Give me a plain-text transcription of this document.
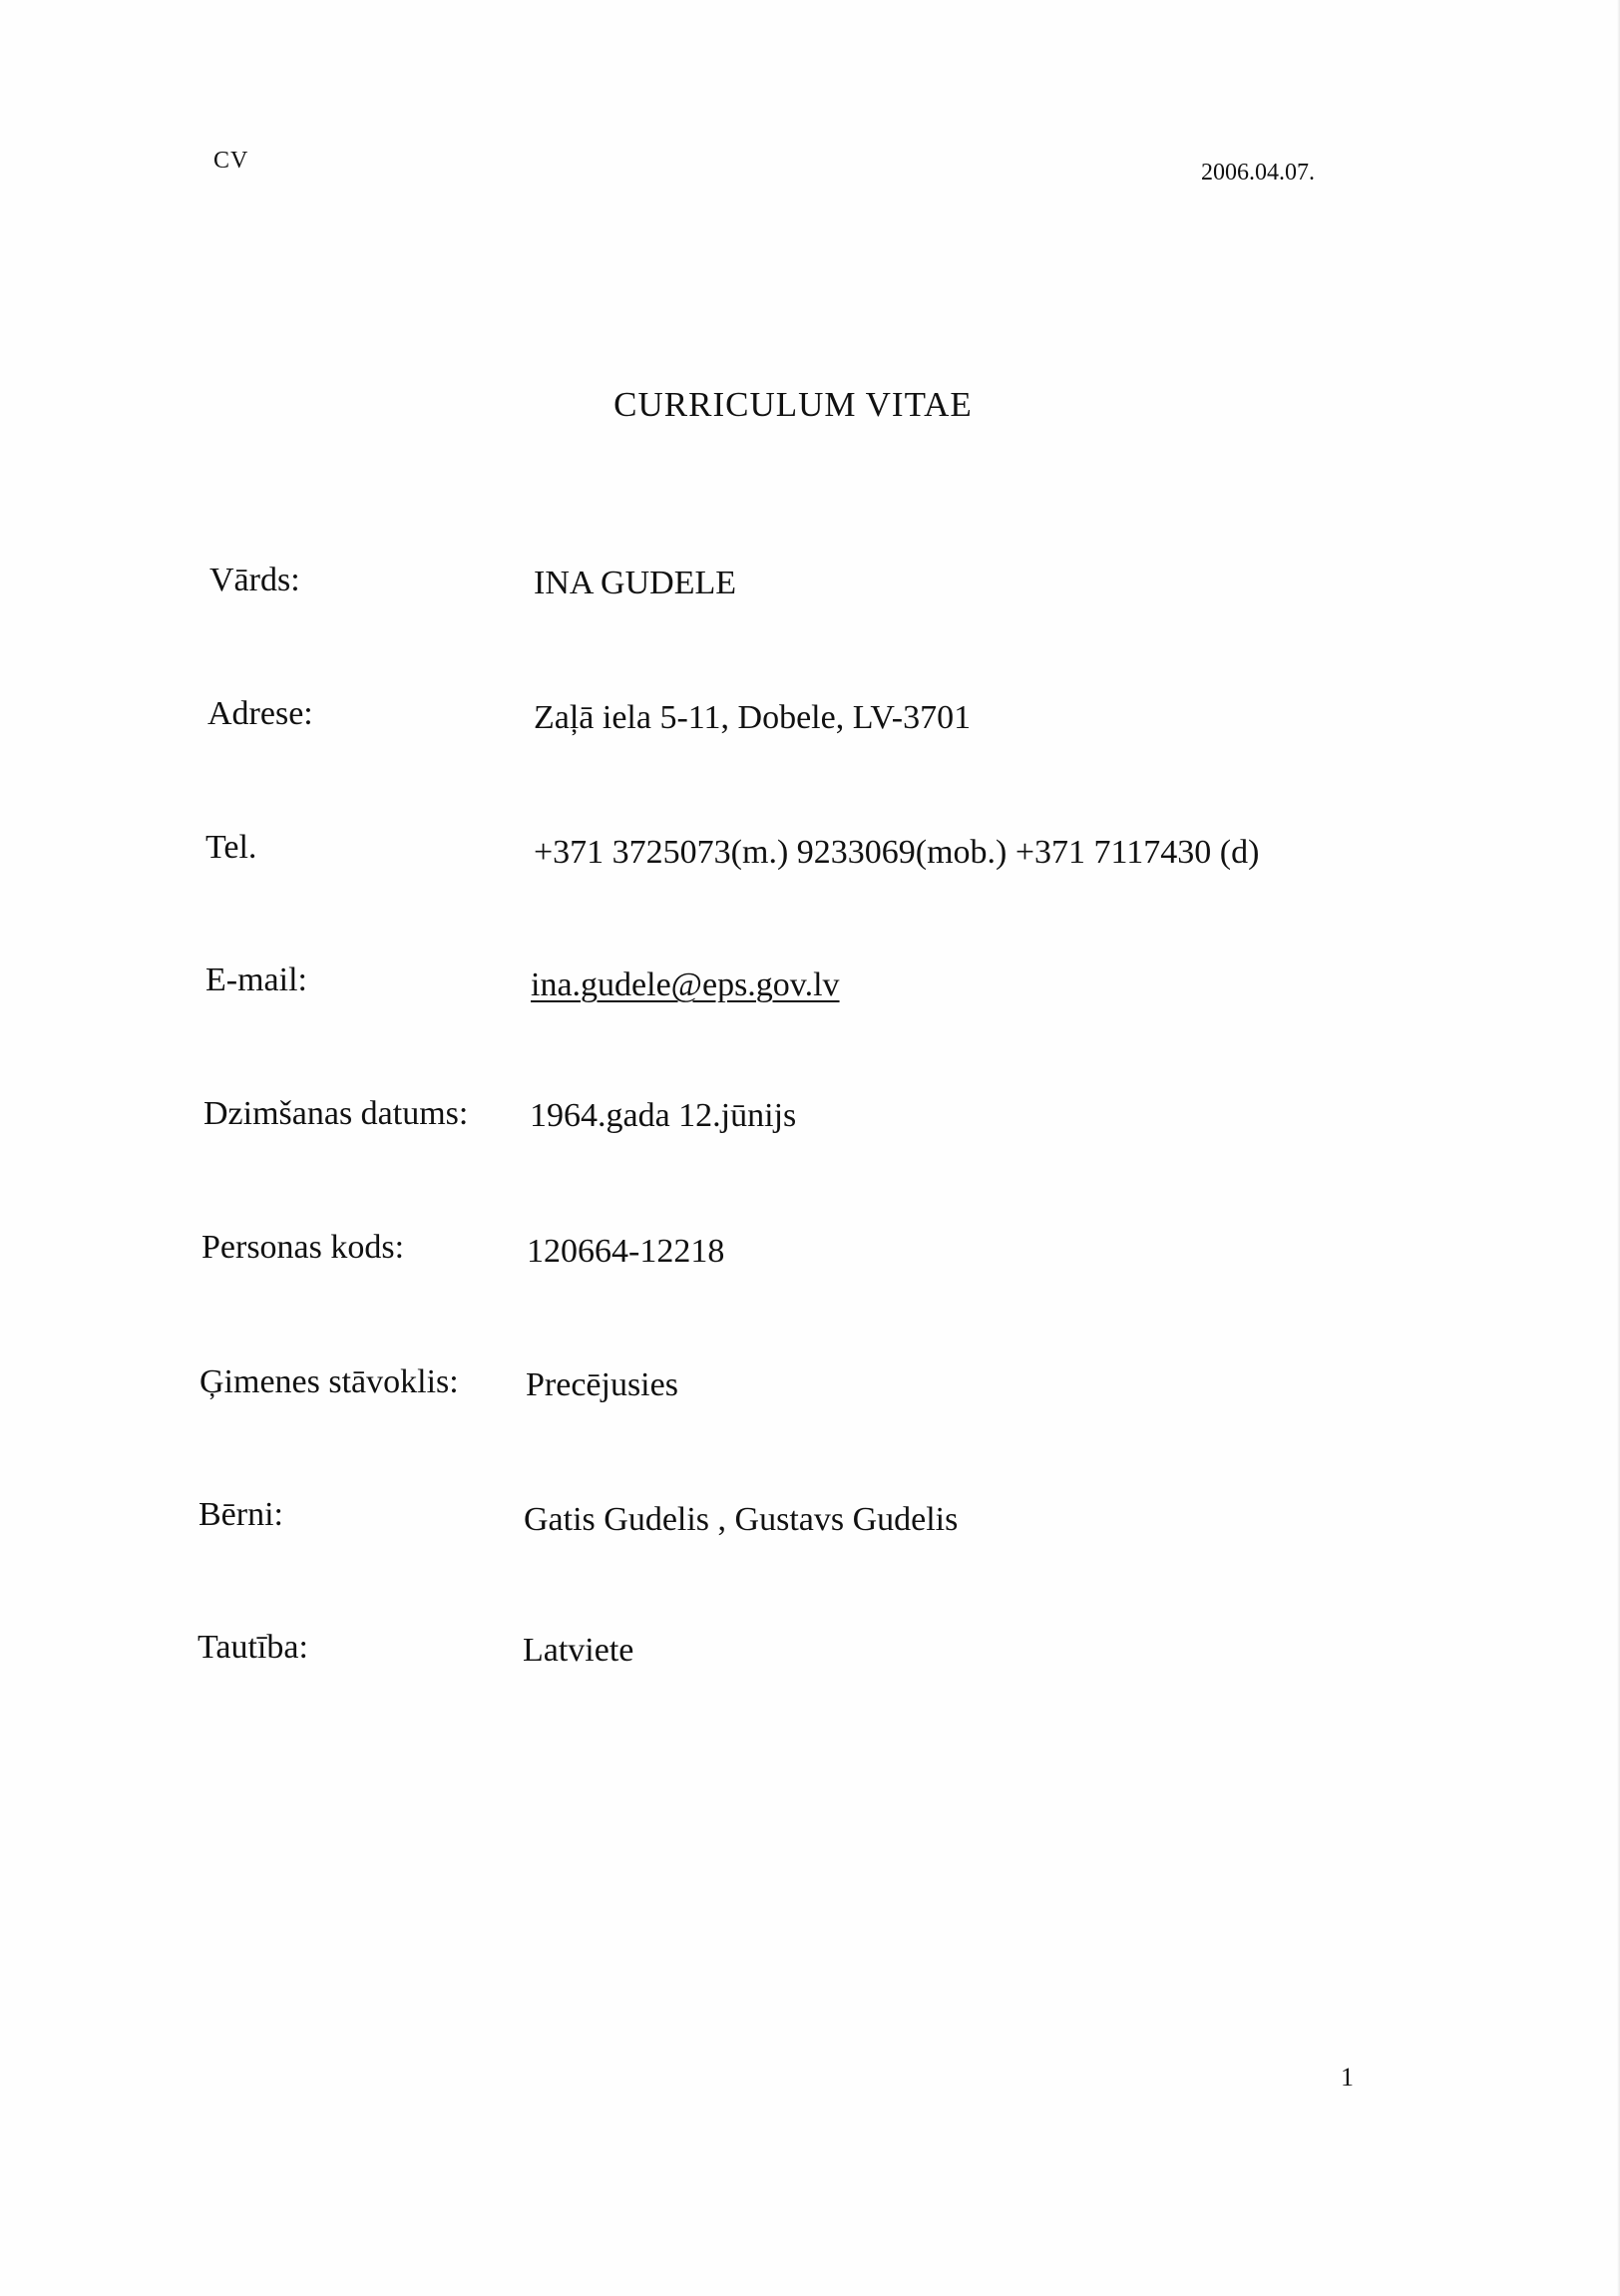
CV	2006.04.07.
CURRICULUM VITAE
Vārds:	INA GUDELE
Adrese:	Zaļā iela 5-11, Dobele, LV-3701
Tel.	+371 3725073(m.) 9233069(mob.) +371 7117430 (d)
E-mail:	ina.gudele@eps.gov.lv
Dzimšanas datums: 1964.gada 12.jūnijs
Personas kods:	120664-12218
Ģimenes stāvoklis: Precējusies
Bērni:	Gatis Gudelis , Gustavs Gudelis
Tautība:	Latviete
1
